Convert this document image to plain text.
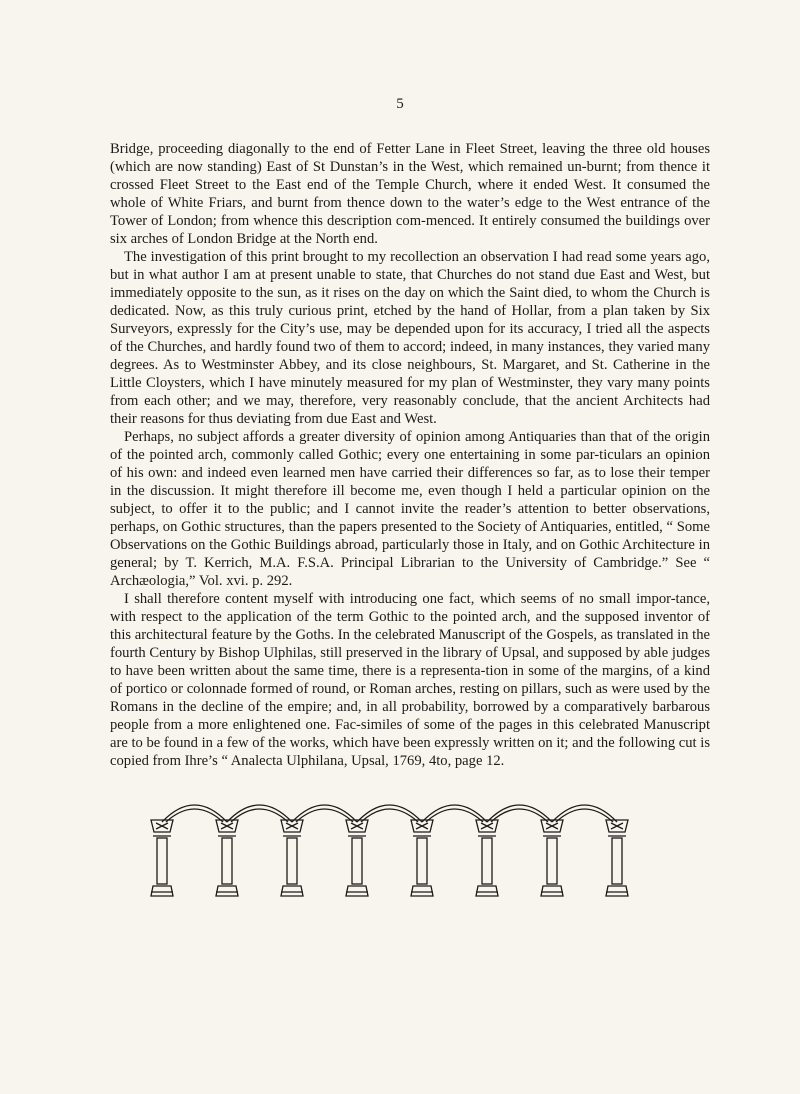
5

Bridge, proceeding diagonally to the end of Fetter Lane in Fleet Street, leaving the three old houses (which are now standing) East of St Dunstan’s in the West, which remained un-burnt; from thence it crossed Fleet Street to the East end of the Temple Church, where it ended West. It consumed the whole of White Friars, and burnt from thence down to the water’s edge to the West entrance of the Tower of London; from whence this description com-menced. It entirely consumed the buildings over six arches of London Bridge at the North end.

The investigation of this print brought to my recollection an observation I had read some years ago, but in what author I am at present unable to state, that Churches do not stand due East and West, but immediately opposite to the sun, as it rises on the day on which the Saint died, to whom the Church is dedicated. Now, as this truly curious print, etched by the hand of Hollar, from a plan taken by Six Surveyors, expressly for the City’s use, may be depended upon for its accuracy, I tried all the aspects of the Churches, and hardly found two of them to accord; indeed, in many instances, they varied many degrees. As to Westminster Abbey, and its close neighbours, St. Margaret, and St. Catherine in the Little Cloysters, which I have minutely measured for my plan of Westminster, they vary many points from each other; and we may, therefore, very reasonably conclude, that the ancient Architects had their reasons for thus deviating from due East and West.

Perhaps, no subject affords a greater diversity of opinion among Antiquaries than that of the origin of the pointed arch, commonly called Gothic; every one entertaining in some par-ticulars an opinion of his own: and indeed even learned men have carried their differences so far, as to lose their temper in the discussion. It might therefore ill become me, even though I held a particular opinion on the subject, to offer it to the public; and I cannot invite the reader’s attention to better observations, perhaps, on Gothic structures, than the papers presented to the Society of Antiquaries, entitled, “ Some Observations on the Gothic Buildings abroad, particularly those in Italy, and on Gothic Architecture in general; by T. Kerrich, M.A. F.S.A. Principal Librarian to the University of Cambridge.” See “ Archæologia,” Vol. xvi. p. 292.

I shall therefore content myself with introducing one fact, which seems of no small impor-tance, with respect to the application of the term Gothic to the pointed arch, and the supposed inventor of this architectural feature by the Goths. In the celebrated Manuscript of the Gospels, as translated in the fourth Century by Bishop Ulphilas, still preserved in the library of Upsal, and supposed by able judges to have been written about the same time, there is a representa-tion in some of the margins, of a kind of portico or colonnade formed of round, or Roman arches, resting on pillars, such as were used by the Romans in the decline of the empire; and, in all probability, borrowed by a comparatively barbarous people from a more enlightened one. Fac-similes of some of the pages in this celebrated Manuscript are to be found in a few of the works, which have been expressly written on it; and the following cut is copied from Ihre’s “ Analecta Ulphilana, Upsal, 1769, 4to, page 12.
